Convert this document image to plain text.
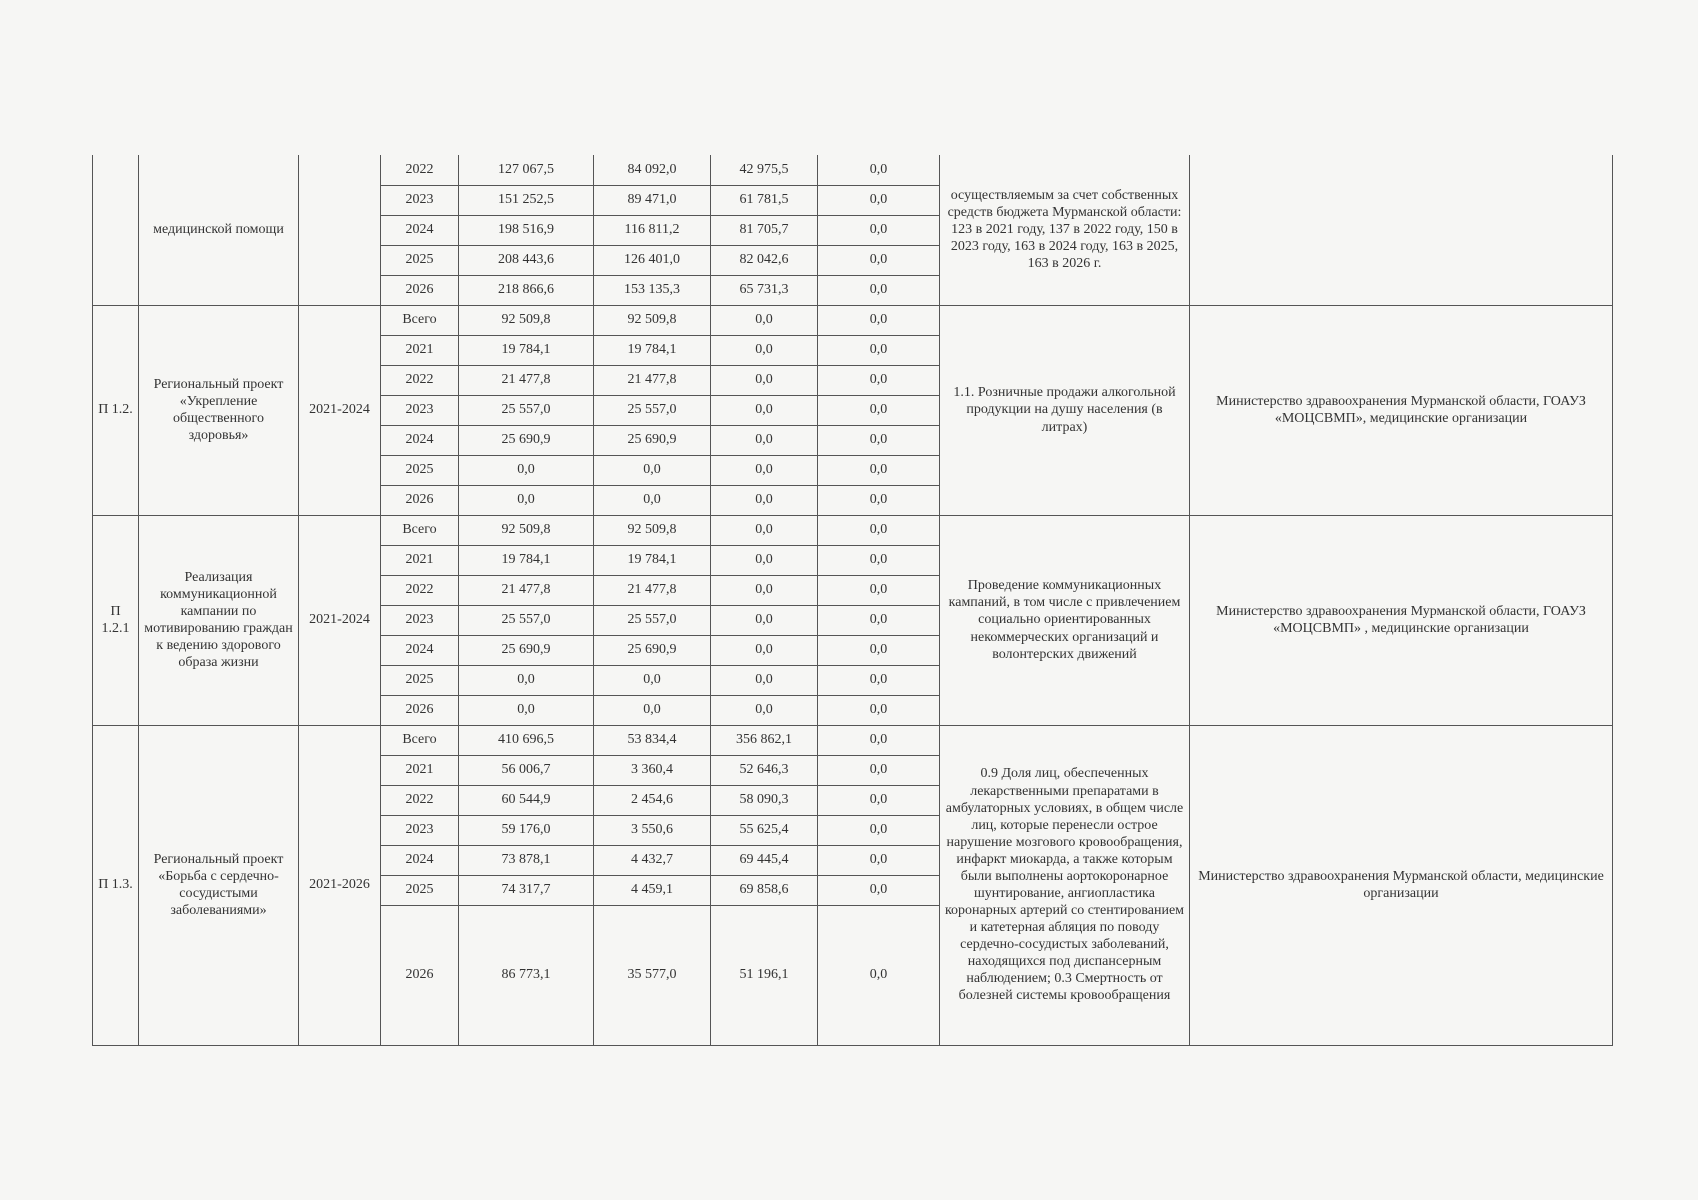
	медицинской помощи		2022	127 067,5	84 092,0	42 975,5	0,0	осуществляемым за счет собственных средств бюджета Мурманской области: 123 в 2021 году, 137 в 2022 году, 150 в 2023 году, 163 в 2024 году, 163 в 2025, 163 в 2026 г.	
			2023	151 252,5	89 471,0	61 781,5	0,0		
			2024	198 516,9	116 811,2	81 705,7	0,0		
			2025	208 443,6	126 401,0	82 042,6	0,0		
			2026	218 866,6	153 135,3	65 731,3	0,0		
П 1.2.	Региональный проект «Укрепление общественного здоровья»	2021-2024	Всего	92 509,8	92 509,8	0,0	0,0	1.1. Розничные продажи алкогольной продукции на душу населения (в литрах)	Министерство здравоохранения Мурманской области, ГОАУЗ «МОЦСВМП», медицинские организации
			2021	19 784,1	19 784,1	0,0	0,0		
			2022	21 477,8	21 477,8	0,0	0,0		
			2023	25 557,0	25 557,0	0,0	0,0		
			2024	25 690,9	25 690,9	0,0	0,0		
			2025	0,0	0,0	0,0	0,0		
			2026	0,0	0,0	0,0	0,0		
П 1.2.1	Реализация коммуникационной кампании по мотивированию граждан к ведению здорового образа жизни	2021-2024	Всего	92 509,8	92 509,8	0,0	0,0	Проведение коммуникационных кампаний, в том числе с привлечением социально ориентированных некоммерческих организаций и волонтерских движений	Министерство здравоохранения Мурманской области, ГОАУЗ «МОЦСВМП» , медицинские организации
			2021	19 784,1	19 784,1	0,0	0,0		
			2022	21 477,8	21 477,8	0,0	0,0		
			2023	25 557,0	25 557,0	0,0	0,0		
			2024	25 690,9	25 690,9	0,0	0,0		
			2025	0,0	0,0	0,0	0,0		
			2026	0,0	0,0	0,0	0,0		
П 1.3.	Региональный проект «Борьба с сердечно-сосудистыми заболеваниями»	2021-2026	Всего	410 696,5	53 834,4	356 862,1	0,0	0.9 Доля лиц, обеспеченных лекарственными препаратами в амбулаторных условиях, в общем числе лиц, которые перенесли острое нарушение мозгового кровообращения, инфаркт миокарда, а также которым были выполнены аортокоронарное шунтирование, ангиопластика коронарных артерий со стентированием и катетерная абляция по поводу сердечно-сосудистых заболеваний, находящихся под диспансерным наблюдением; 0.3 Смертность от болезней системы кровообращения	Министерство здравоохранения Мурманской области, медицинские организации
			2021	56 006,7	3 360,4	52 646,3	0,0		
			2022	60 544,9	2 454,6	58 090,3	0,0		
			2023	59 176,0	3 550,6	55 625,4	0,0		
			2024	73 878,1	4 432,7	69 445,4	0,0		
			2025	74 317,7	4 459,1	69 858,6	0,0		
			2026	86 773,1	35 577,0	51 196,1	0,0		
